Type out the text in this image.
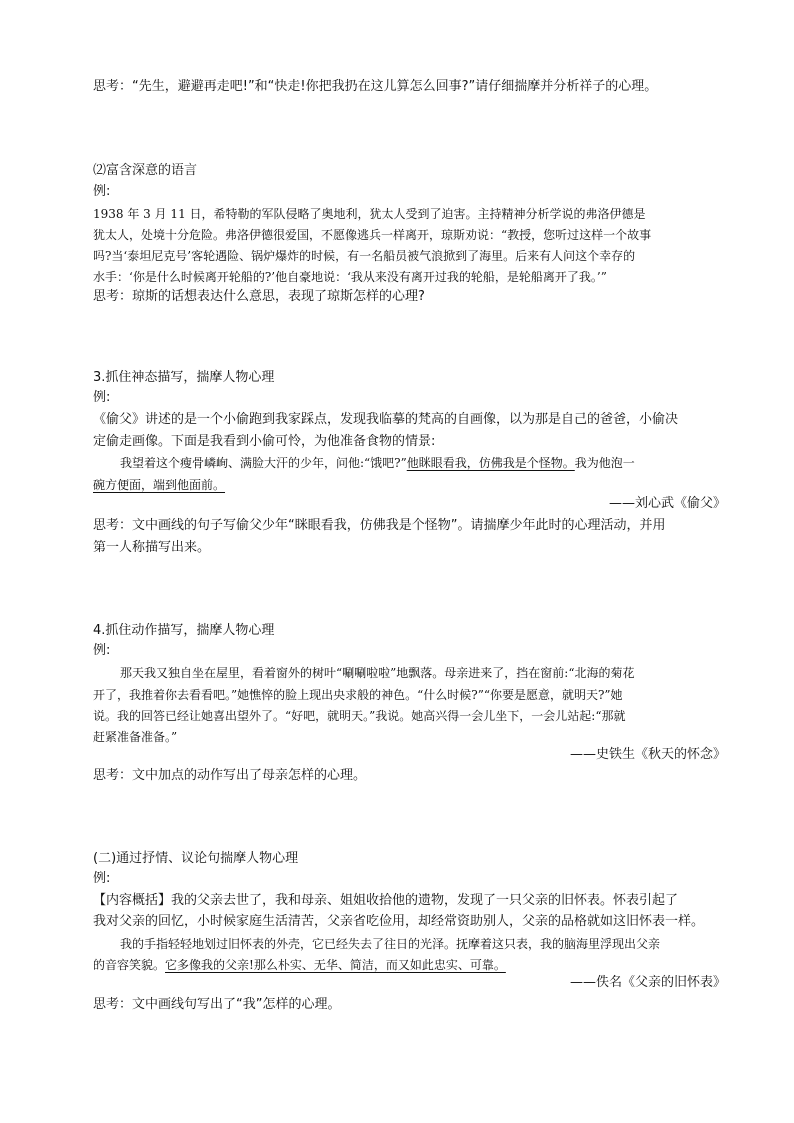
思考：“先生，避避再走吧!”和“快走!你把我扔在这儿算怎么回事?”请仔细揣摩并分析祥子的心理。
⑵富含深意的语言
例:
1938 年 3 月 11 日，希特勒的军队侵略了奥地利，犹太人受到了迫害。主持精神分析学说的弗洛伊德是
犹太人，处境十分危险。弗洛伊德很爱国，不愿像逃兵一样离开，琼斯劝说：“教授，您听过这样一个故事
吗?当‘泰坦尼克号’客轮遇险、锅炉爆炸的时候，有一名船员被气浪掀到了海里。后来有人问这个幸存的
水手：‘你是什么时候离开轮船的?’他自豪地说：‘我从来没有离开过我的轮船，是轮船离开了我。’”
思考：琼斯的话想表达什么意思，表现了琼斯怎样的心理?
3.抓住神态描写，揣摩人物心理
例:
《偷父》讲述的是一个小偷跑到我家踩点，发现我临摹的梵高的自画像，以为那是自己的爸爸，小偷决
定偷走画像。下面是我看到小偷可怜，为他准备食物的情景:
我望着这个瘦骨嶙峋、满脸大汗的少年，问他:“饿吧?”他眯眼看我，仿佛我是个怪物。我为他泡一
碗方便面，端到他面前。
——刘心武《偷父》
思考：文中画线的句子写偷父少年“眯眼看我，仿佛我是个怪物”。请揣摩少年此时的心理活动，并用
第一人称描写出来。
4.抓住动作描写，揣摩人物心理
例:
那天我又独自坐在屋里，看着窗外的树叶“唰唰啦啦”地飘落。母亲进来了，挡在窗前:“北海的菊花
开了，我推着你去看看吧。”她憔悴的脸上现出央求般的神色。“什么时候?”“你要是愿意，就明天?”她
说。我的回答已经让她喜出望外了。“好吧，就明天。”我说。她高兴得一会儿坐下，一会儿站起:“那就
赶紧准备准备。”
——史铁生《秋天的怀念》
思考：文中加点的动作写出了母亲怎样的心理。
(二)通过抒情、议论句揣摩人物心理
例:
【内容概括】我的父亲去世了，我和母亲、姐姐收拾他的遗物，发现了一只父亲的旧怀表。怀表引起了
我对父亲的回忆，小时候家庭生活清苦，父亲省吃俭用，却经常资助别人，父亲的品格就如这旧怀表一样。
我的手指轻轻地划过旧怀表的外壳，它已经失去了往日的光泽。抚摩着这只表，我的脑海里浮现出父亲
的音容笑貌。它多像我的父亲!那么朴实、无华、简洁，而又如此忠实、可靠。
——佚名《父亲的旧怀表》
思考：文中画线句写出了“我”怎样的心理。
